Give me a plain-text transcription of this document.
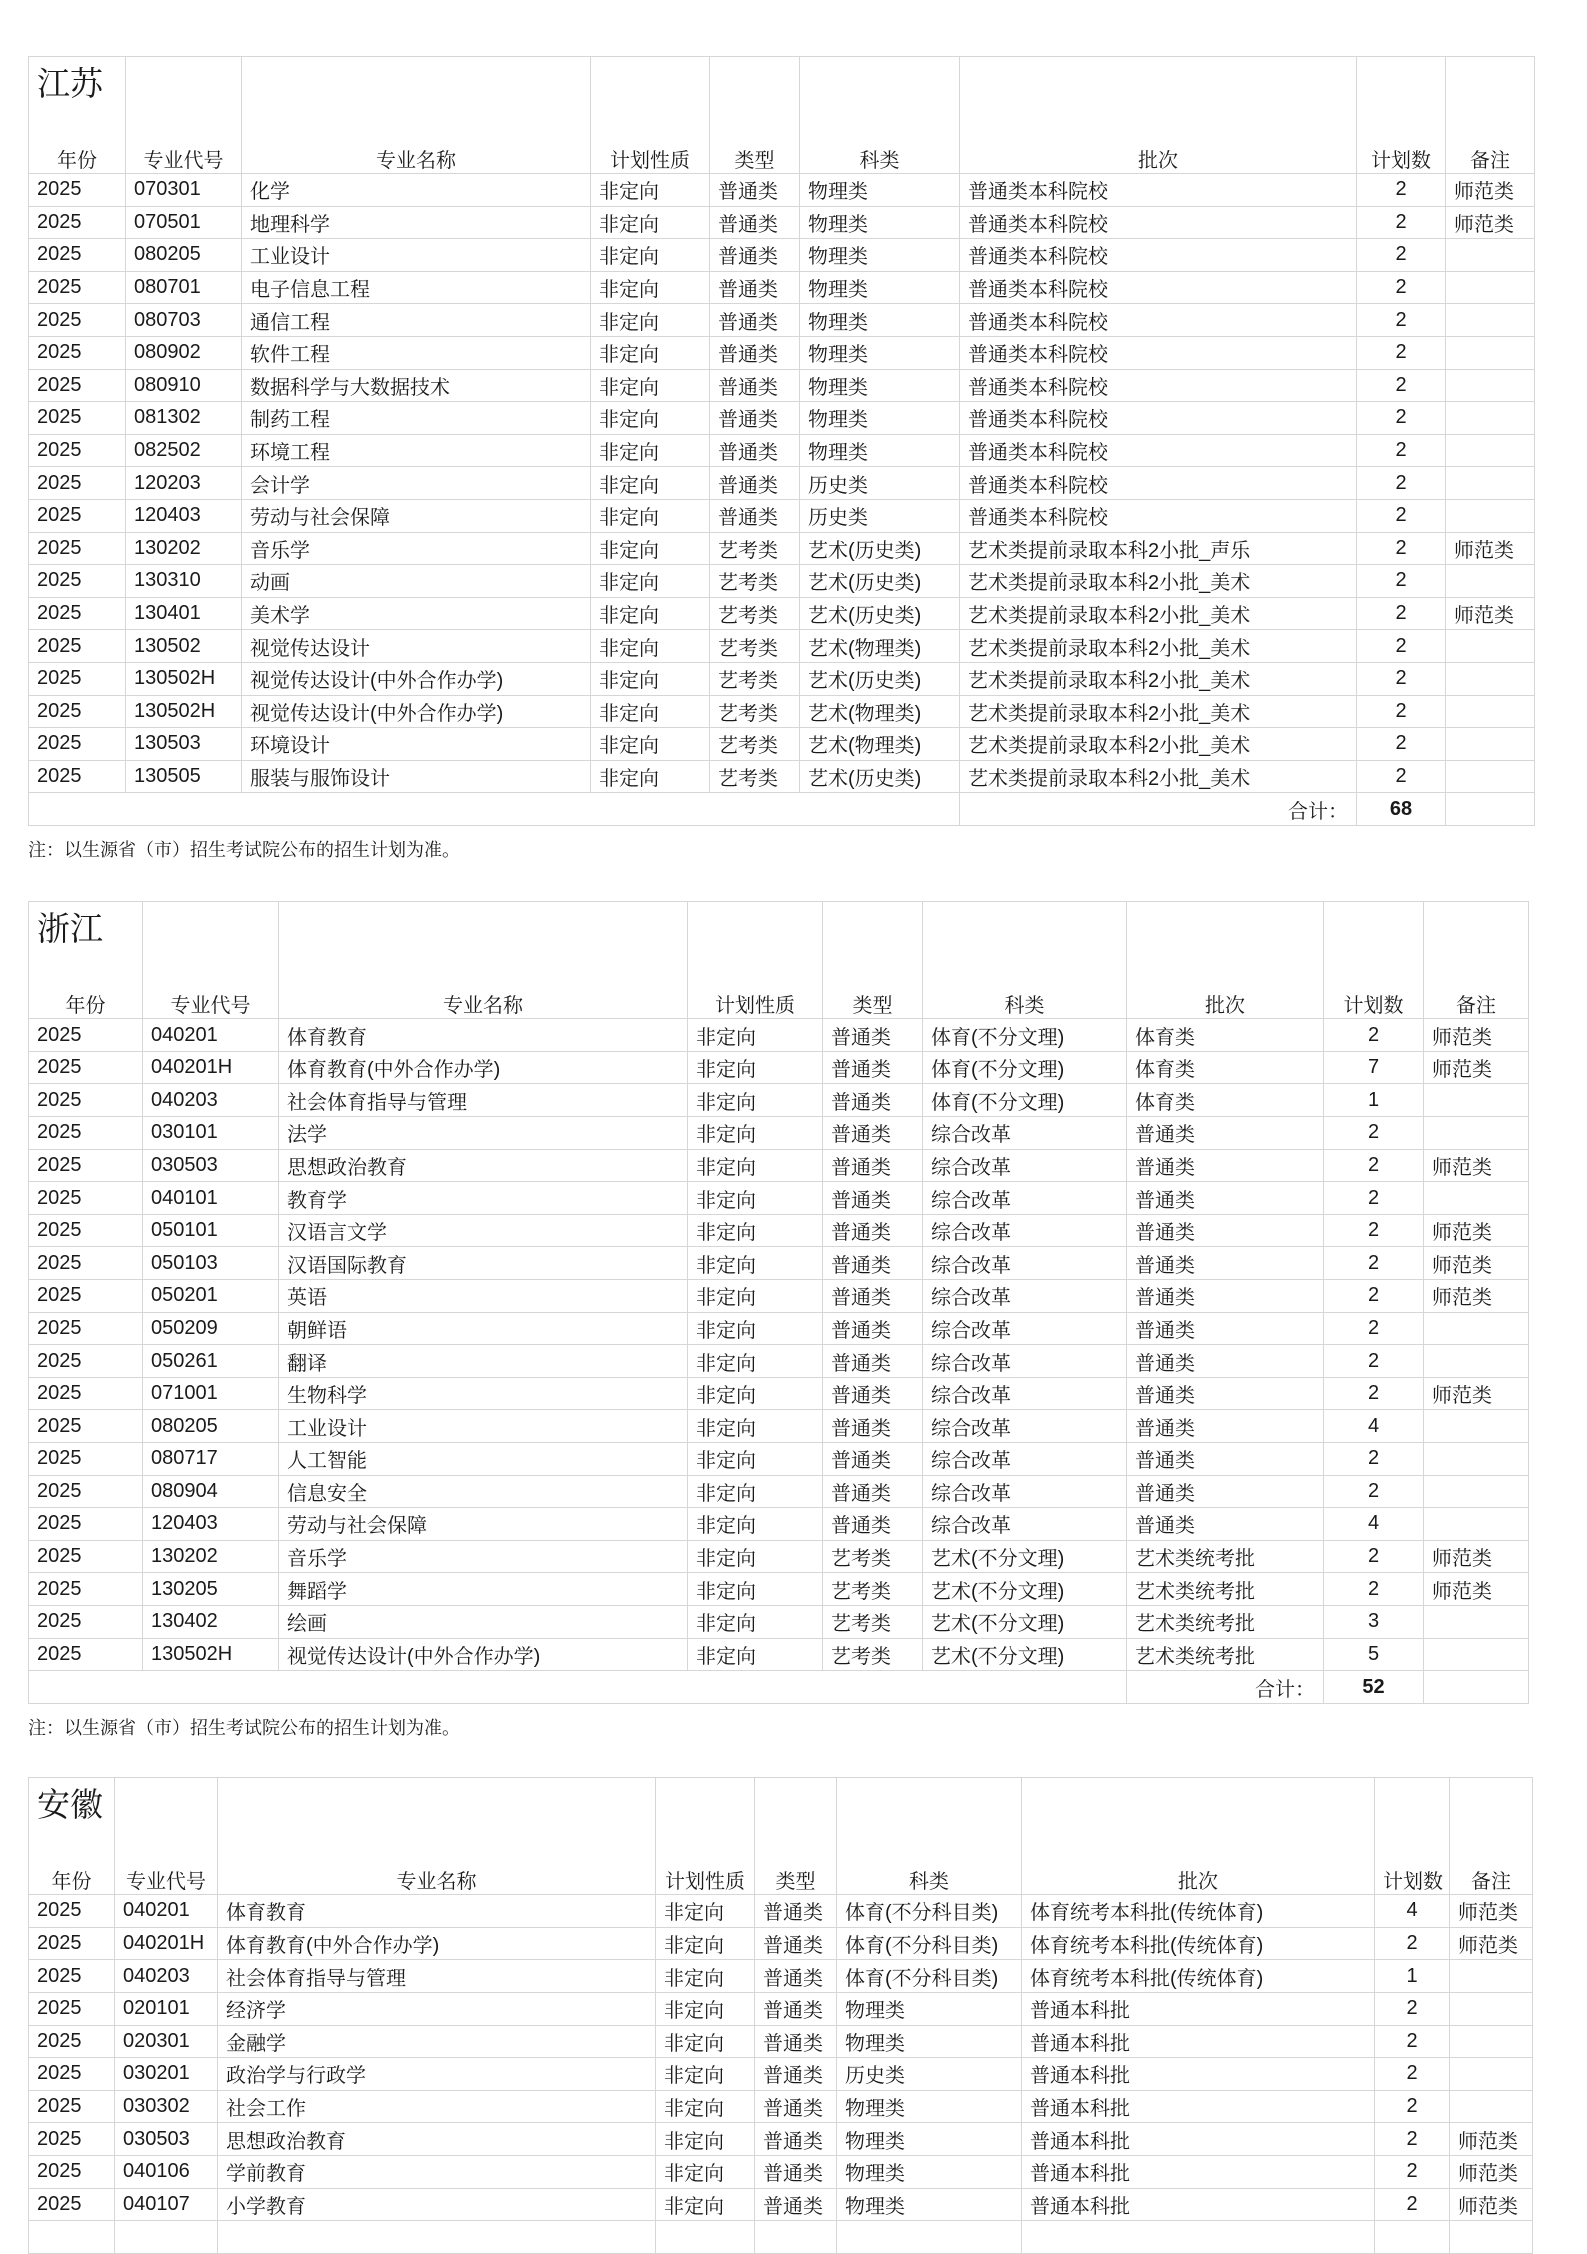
江苏
年份	专业代号	专业名称	计划性质	类型	科类	批次	计划数	备注
2025	070301	化学	非定向	普通类	物理类	普通类本科院校	2	师范类
2025	070501	地理科学	非定向	普通类	物理类	普通类本科院校	2	师范类
2025	080205	工业设计	非定向	普通类	物理类	普通类本科院校	2	
2025	080701	电子信息工程	非定向	普通类	物理类	普通类本科院校	2	
2025	080703	通信工程	非定向	普通类	物理类	普通类本科院校	2	
2025	080902	软件工程	非定向	普通类	物理类	普通类本科院校	2	
2025	080910	数据科学与大数据技术	非定向	普通类	物理类	普通类本科院校	2	
2025	081302	制药工程	非定向	普通类	物理类	普通类本科院校	2	
2025	082502	环境工程	非定向	普通类	物理类	普通类本科院校	2	
2025	120203	会计学	非定向	普通类	历史类	普通类本科院校	2	
2025	120403	劳动与社会保障	非定向	普通类	历史类	普通类本科院校	2	
2025	130202	音乐学	非定向	艺考类	艺术(历史类)	艺术类提前录取本科2小批_声乐	2	师范类
2025	130310	动画	非定向	艺考类	艺术(历史类)	艺术类提前录取本科2小批_美术	2	
2025	130401	美术学	非定向	艺考类	艺术(历史类)	艺术类提前录取本科2小批_美术	2	师范类
2025	130502	视觉传达设计	非定向	艺考类	艺术(物理类)	艺术类提前录取本科2小批_美术	2	
2025	130502H	视觉传达设计(中外合作办学)	非定向	艺考类	艺术(历史类)	艺术类提前录取本科2小批_美术	2	
2025	130502H	视觉传达设计(中外合作办学)	非定向	艺考类	艺术(物理类)	艺术类提前录取本科2小批_美术	2	
2025	130503	环境设计	非定向	艺考类	艺术(物理类)	艺术类提前录取本科2小批_美术	2	
2025	130505	服装与服饰设计	非定向	艺考类	艺术(历史类)	艺术类提前录取本科2小批_美术	2	
						合计：	68	

注：以生源省（市）招生考试院公布的招生计划为准。

浙江
年份	专业代号	专业名称	计划性质	类型	科类	批次	计划数	备注
2025	040201	体育教育	非定向	普通类	体育(不分文理)	体育类	2	师范类
2025	040201H	体育教育(中外合作办学)	非定向	普通类	体育(不分文理)	体育类	7	师范类
2025	040203	社会体育指导与管理	非定向	普通类	体育(不分文理)	体育类	1	
2025	030101	法学	非定向	普通类	综合改革	普通类	2	
2025	030503	思想政治教育	非定向	普通类	综合改革	普通类	2	师范类
2025	040101	教育学	非定向	普通类	综合改革	普通类	2	
2025	050101	汉语言文学	非定向	普通类	综合改革	普通类	2	师范类
2025	050103	汉语国际教育	非定向	普通类	综合改革	普通类	2	师范类
2025	050201	英语	非定向	普通类	综合改革	普通类	2	师范类
2025	050209	朝鲜语	非定向	普通类	综合改革	普通类	2	
2025	050261	翻译	非定向	普通类	综合改革	普通类	2	
2025	071001	生物科学	非定向	普通类	综合改革	普通类	2	师范类
2025	080205	工业设计	非定向	普通类	综合改革	普通类	4	
2025	080717	人工智能	非定向	普通类	综合改革	普通类	2	
2025	080904	信息安全	非定向	普通类	综合改革	普通类	2	
2025	120403	劳动与社会保障	非定向	普通类	综合改革	普通类	4	
2025	130202	音乐学	非定向	艺考类	艺术(不分文理)	艺术类统考批	2	师范类
2025	130205	舞蹈学	非定向	艺考类	艺术(不分文理)	艺术类统考批	2	师范类
2025	130402	绘画	非定向	艺考类	艺术(不分文理)	艺术类统考批	3	
2025	130502H	视觉传达设计(中外合作办学)	非定向	艺考类	艺术(不分文理)	艺术类统考批	5	
						合计：	52	

注：以生源省（市）招生考试院公布的招生计划为准。

安徽
年份	专业代号	专业名称	计划性质	类型	科类	批次	计划数	备注
2025	040201	体育教育	非定向	普通类	体育(不分科目类)	体育统考本科批(传统体育)	4	师范类
2025	040201H	体育教育(中外合作办学)	非定向	普通类	体育(不分科目类)	体育统考本科批(传统体育)	2	师范类
2025	040203	社会体育指导与管理	非定向	普通类	体育(不分科目类)	体育统考本科批(传统体育)	1	
2025	020101	经济学	非定向	普通类	物理类	普通本科批	2	
2025	020301	金融学	非定向	普通类	物理类	普通本科批	2	
2025	030201	政治学与行政学	非定向	普通类	历史类	普通本科批	2	
2025	030302	社会工作	非定向	普通类	物理类	普通本科批	2	
2025	030503	思想政治教育	非定向	普通类	物理类	普通本科批	2	师范类
2025	040106	学前教育	非定向	普通类	物理类	普通本科批	2	师范类
2025	040107	小学教育	非定向	普通类	物理类	普通本科批	2	师范类
